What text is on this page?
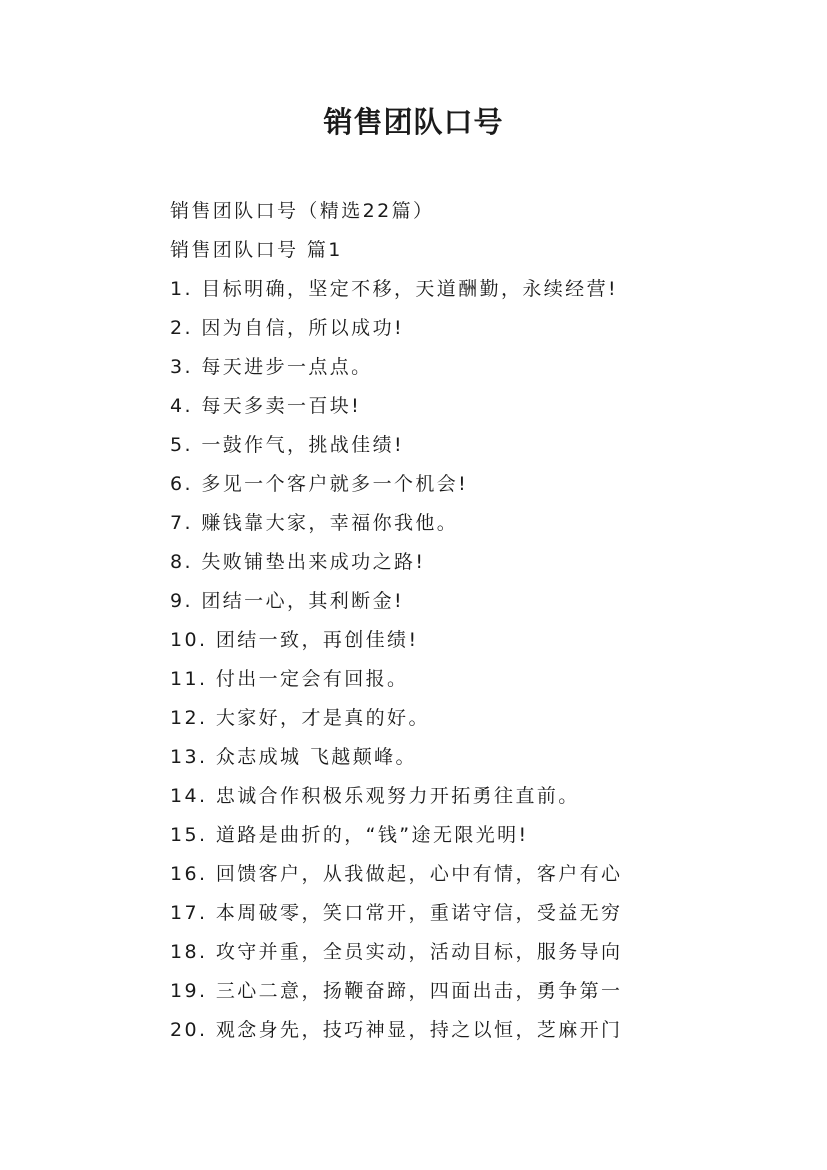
销售团队口号

销售团队口号（精选22篇）

销售团队口号 篇1

1. 目标明确，坚定不移，天道酬勤，永续经营!

2. 因为自信，所以成功!

3. 每天进步一点点。

4. 每天多卖一百块!

5. 一鼓作气，挑战佳绩!

6. 多见一个客户就多一个机会!

7. 赚钱靠大家，幸福你我他。

8. 失败铺垫出来成功之路!

9. 团结一心，其利断金!

10. 团结一致，再创佳绩!

11. 付出一定会有回报。

12. 大家好，才是真的好。

13. 众志成城 飞越颠峰。

14. 忠诚合作积极乐观努力开拓勇往直前。

15. 道路是曲折的，“钱”途无限光明!

16. 回馈客户，从我做起，心中有情，客户有心

17. 本周破零，笑口常开，重诺守信，受益无穷

18. 攻守并重，全员实动，活动目标，服务导向

19. 三心二意，扬鞭奋蹄，四面出击，勇争第一

20. 观念身先，技巧神显，持之以恒，芝麻开门
